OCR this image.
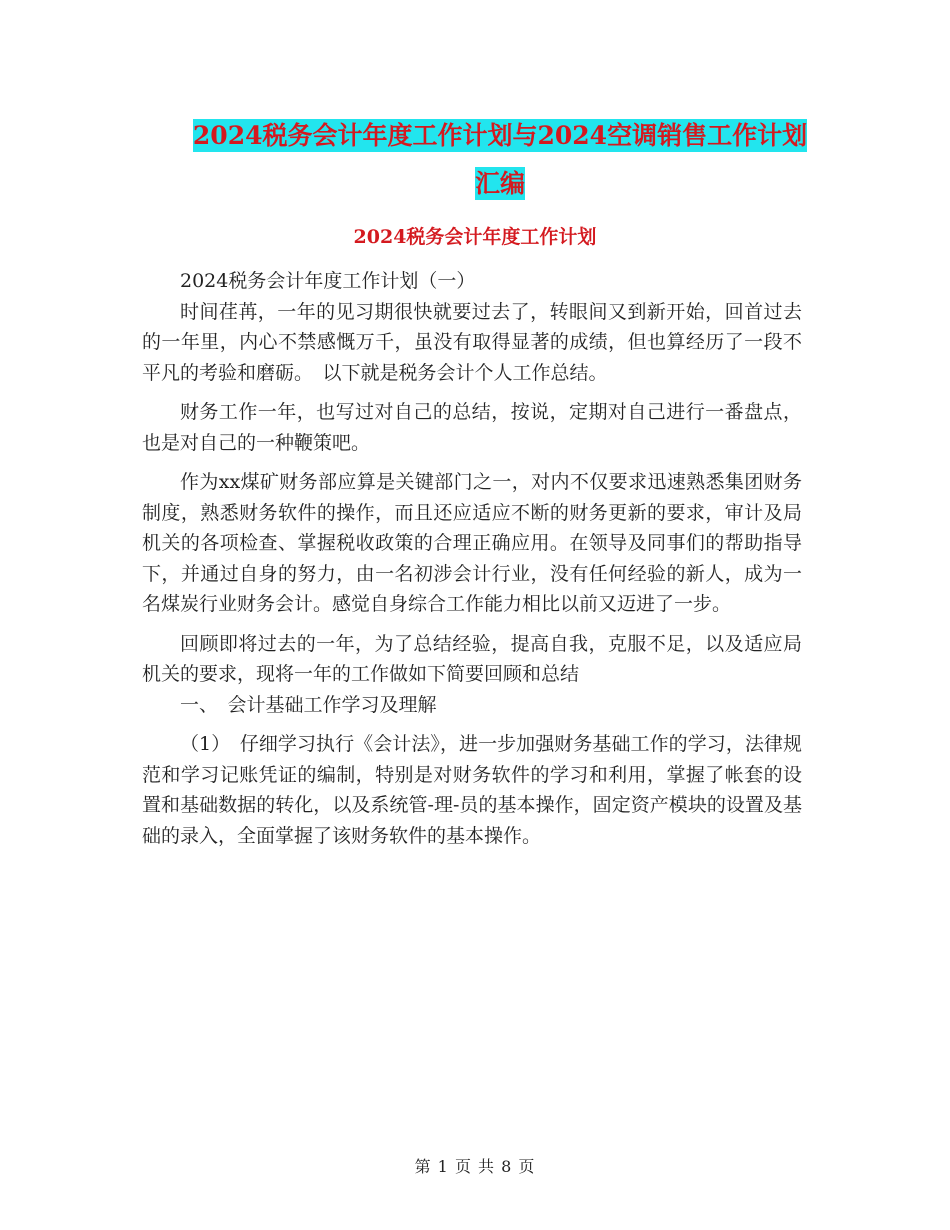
2024税务会计年度工作计划与2024空调销售工作计划
汇编
2024税务会计年度工作计划

2024税务会计年度工作计划（一）

时间荏苒，一年的见习期很快就要过去了，转眼间又到新开始，回首过去的一年里，内心不禁感慨万千，虽没有取得显著的成绩，但也算经历了一段不平凡的考验和磨砺。　以下就是税务会计个人工作总结。

财务工作一年，也写过对自己的总结，按说，定期对自己进行一番盘点，也是对自己的一种鞭策吧。

作为xx煤矿财务部应算是关键部门之一，对内不仅要求迅速熟悉集团财务制度，熟悉财务软件的操作，而且还应适应不断的财务更新的要求，审计及局机关的各项检查、掌握税收政策的合理正确应用。在领导及同事们的帮助指导下，并通过自身的努力，由一名初涉会计行业，没有任何经验的新人，成为一名煤炭行业财务会计。感觉自身综合工作能力相比以前又迈进了一步。

回顾即将过去的一年，为了总结经验，提高自我，克服不足，以及适应局机关的要求，现将一年的工作做如下简要回顾和总结

一、　会计基础工作学习及理解

（1）　仔细学习执行《会计法》，进一步加强财务基础工作的学习，法律规范和学习记账凭证的编制，特别是对财务软件的学习和利用，掌握了帐套的设置和基础数据的转化，以及系统管-理-员的基本操作，固定资产模块的设置及基础的录入，全面掌握了该财务软件的基本操作。

第 1 页 共 8 页
